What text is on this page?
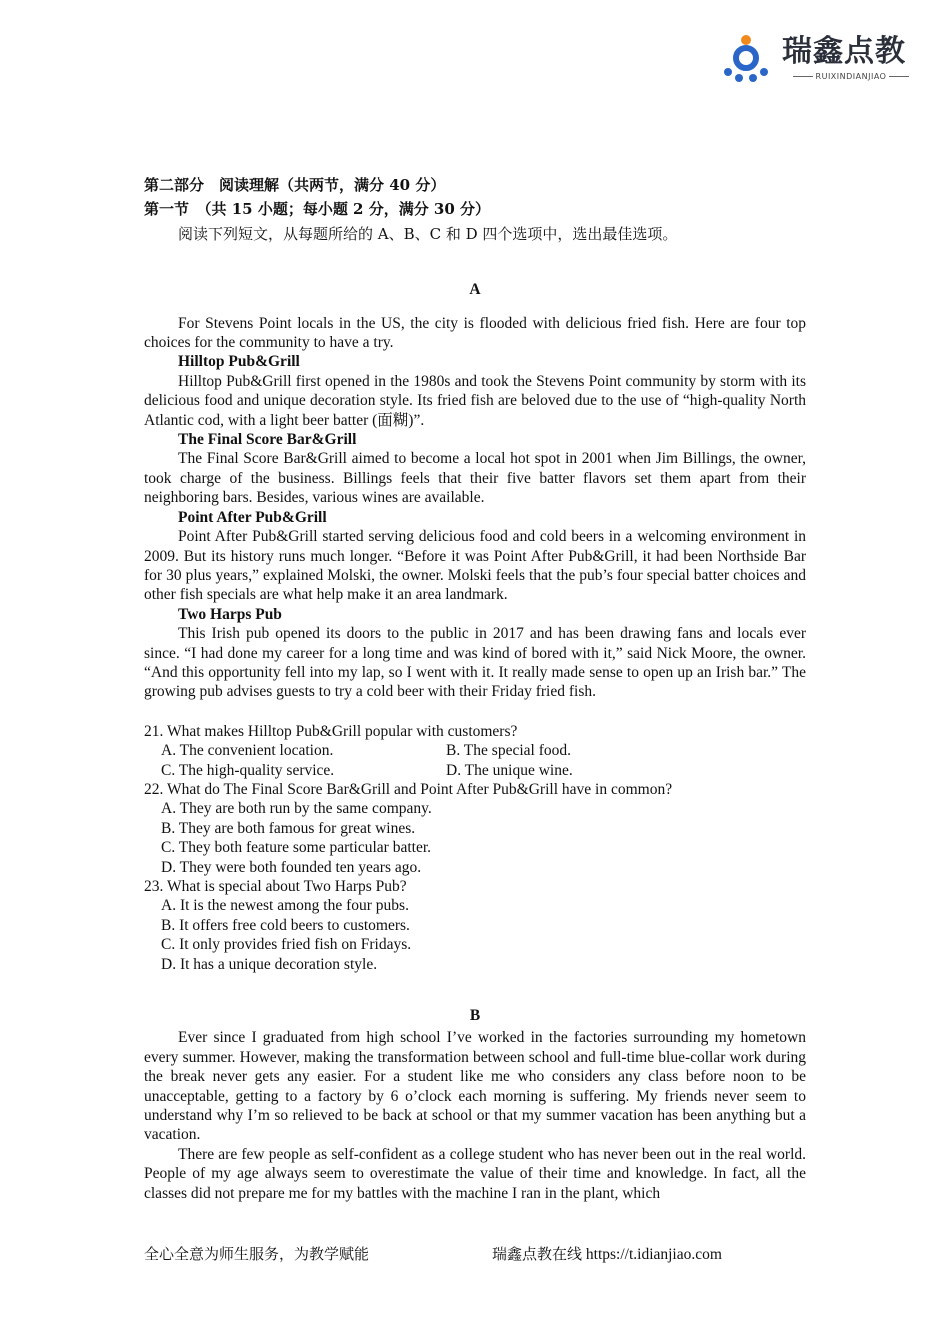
瑞鑫点教
RUIXINDIANJIAO
第二部分　阅读理解（共两节，满分 40 分）
第一节　（共 15 小题；每小题 2 分，满分 30 分）
阅读下列短文，从每题所给的 A、B、C 和 D 四个选项中，选出最佳选项。
A

For Stevens Point locals in the US, the city is flooded with delicious fried fish. Here are four top choices for the community to have a try.

Hilltop Pub&Grill

Hilltop Pub&Grill first opened in the 1980s and took the Stevens Point community by storm with its delicious food and unique decoration style. Its fried fish are beloved due to the use of “high-quality North Atlantic cod, with a light beer batter (面糊)”.

The Final Score Bar&Grill

The Final Score Bar&Grill aimed to become a local hot spot in 2001 when Jim Billings, the owner, took charge of the business. Billings feels that their five batter flavors set them apart from their neighboring bars. Besides, various wines are available.

Point After Pub&Grill

Point After Pub&Grill started serving delicious food and cold beers in a welcoming environment in 2009. But its history runs much longer. “Before it was Point After Pub&Grill, it had been Northside Bar for 30 plus years,” explained Molski, the owner. Molski feels that the pub’s four special batter choices and other fish specials are what help make it an area landmark.

Two Harps Pub

This Irish pub opened its doors to the public in 2017 and has been drawing fans and locals ever since. “I had done my career for a long time and was kind of bored with it,” said Nick Moore, the owner. “And this opportunity fell into my lap, so I went with it. It really made sense to open up an Irish bar.” The growing pub advises guests to try a cold beer with their Friday fried fish.

21. What makes Hilltop Pub&Grill popular with customers?
A. The convenient location.	B. The special food.
C. The high-quality service.	D. The unique wine.
22. What do The Final Score Bar&Grill and Point After Pub&Grill have in common?
A. They are both run by the same company.
B. They are both famous for great wines.
C. They both feature some particular batter.
D. They were both founded ten years ago.
23. What is special about Two Harps Pub?
A. It is the newest among the four pubs.
B. It offers free cold beers to customers.
C. It only provides fried fish on Fridays.
D. It has a unique decoration style.
B

Ever since I graduated from high school I’ve worked in the factories surrounding my hometown every summer. However, making the transformation between school and full-time blue-collar work during the break never gets any easier. For a student like me who considers any class before noon to be unacceptable, getting to a factory by 6 o’clock each morning is suffering. My friends never seem to understand why I’m so relieved to be back at school or that my summer vacation has been anything but a vacation.

There are few people as self-confident as a college student who has never been out in the real world. People of my age always seem to overestimate the value of their time and knowledge. In fact, all the classes did not prepare me for my battles with the machine I ran in the plant, which

全心全意为师生服务，为教学赋能	瑞鑫点教在线 https://t.idianjiao.com
